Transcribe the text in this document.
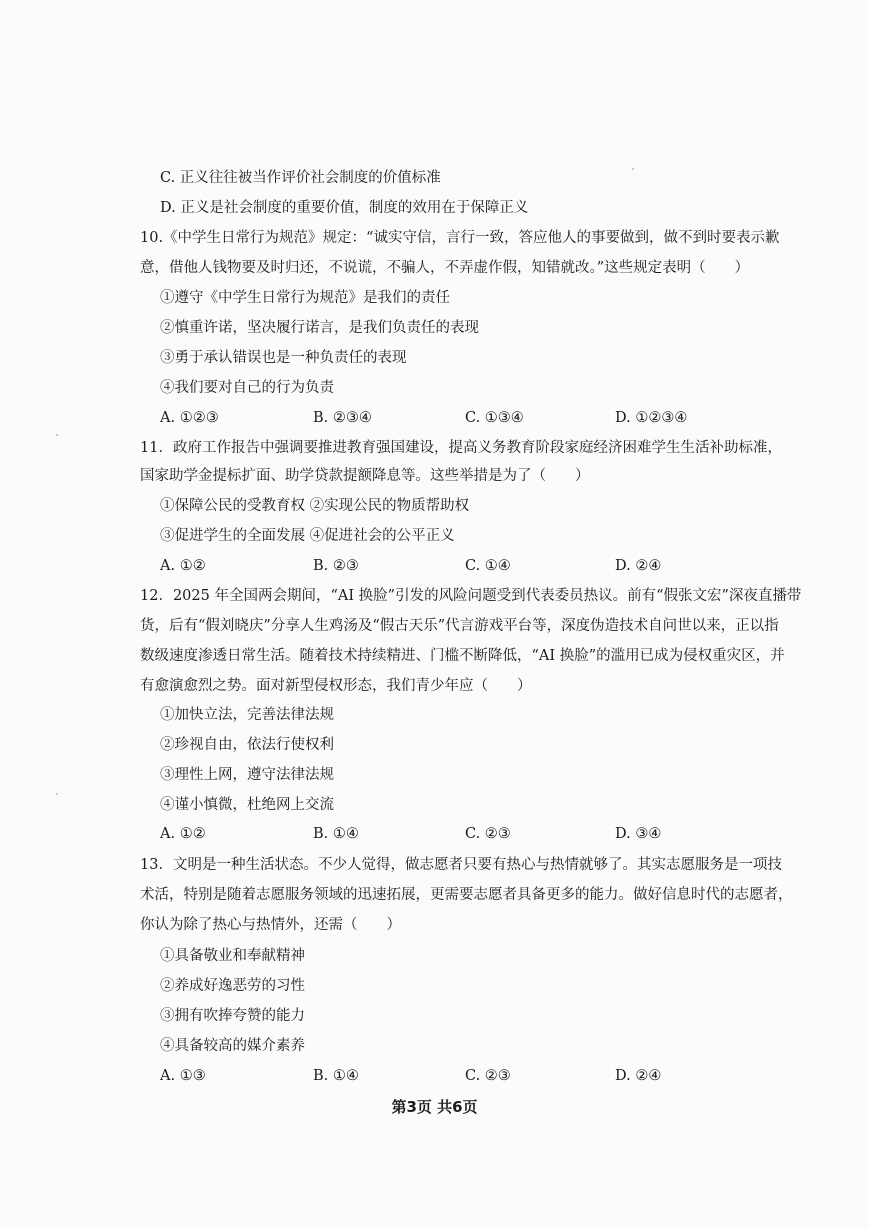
C. 正义往往被当作评价社会制度的价值标准
D. 正义是社会制度的重要价值，制度的效用在于保障正义
10.《中学生日常行为规范》规定：“诚实守信，言行一致，答应他人的事要做到，做不到时要表示歉
意，借他人钱物要及时归还，不说谎，不骗人，不弄虚作假，知错就改。”这些规定表明（　　）
①遵守《中学生日常行为规范》是我们的责任
②慎重许诺，坚决履行诺言，是我们负责任的表现
③勇于承认错误也是一种负责任的表现
④我们要对自己的行为负责
A. ①②③	B. ②③④	C. ①③④	D. ①②③④
11．政府工作报告中强调要推进教育强国建设，提高义务教育阶段家庭经济困难学生生活补助标准，
国家助学金提标扩面、助学贷款提额降息等。这些举措是为了（　　）
①保障公民的受教育权 ②实现公民的物质帮助权
③促进学生的全面发展 ④促进社会的公平正义
A. ①②	B. ②③	C. ①④	D. ②④
12．2025 年全国两会期间，“AI 换脸”引发的风险问题受到代表委员热议。前有“假张文宏”深夜直播带
货，后有“假刘晓庆”分享人生鸡汤及“假古天乐”代言游戏平台等，深度伪造技术自问世以来，正以指
数级速度渗透日常生活。随着技术持续精进、门槛不断降低，“AI 换脸”的滥用已成为侵权重灾区，并
有愈演愈烈之势。面对新型侵权形态，我们青少年应（　　）
①加快立法，完善法律法规
②珍视自由，依法行使权利
③理性上网，遵守法律法规
④谨小慎微，杜绝网上交流
A. ①②	B. ①④	C. ②③	D. ③④
13．文明是一种生活状态。不少人觉得，做志愿者只要有热心与热情就够了。其实志愿服务是一项技
术活，特别是随着志愿服务领域的迅速拓展，更需要志愿者具备更多的能力。做好信息时代的志愿者，
你认为除了热心与热情外，还需（　　）
①具备敬业和奉献精神
②养成好逸恶劳的习性
③拥有吹捧夸赞的能力
④具备较高的媒介素养
A. ①③	B. ①④	C. ②③	D. ②④
第3页 共6页
